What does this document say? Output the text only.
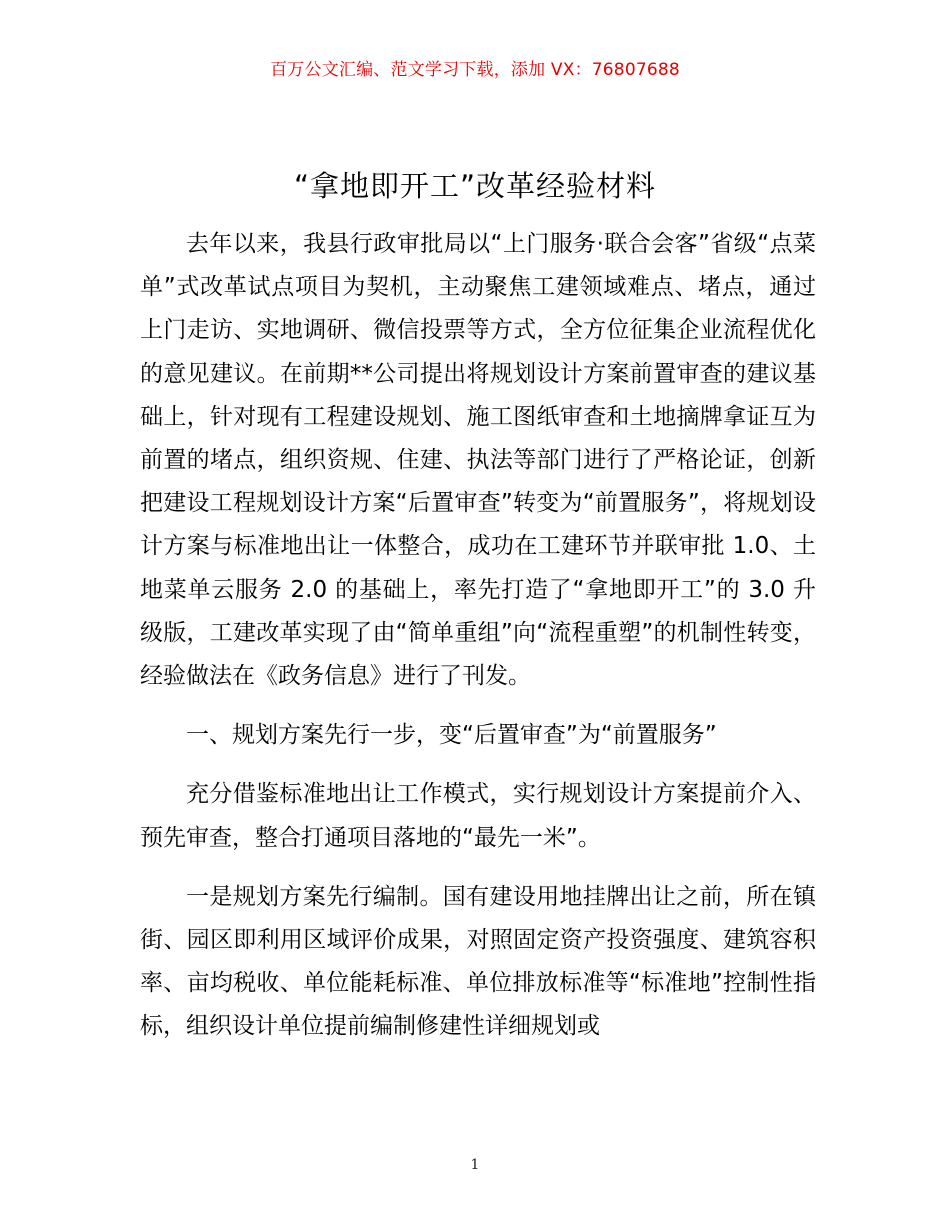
百万公文汇编、范文学习下载，添加 VX：76807688
“拿地即开工”改革经验材料

去年以来，我县行政审批局以“上门服务·联合会客”省级“点菜单”式改革试点项目为契机，主动聚焦工建领域难点、堵点，通过上门走访、实地调研、微信投票等方式，全方位征集企业流程优化的意见建议。在前期**公司提出将规划设计方案前置审查的建议基础上，针对现有工程建设规划、施工图纸审查和土地摘牌拿证互为前置的堵点，组织资规、住建、执法等部门进行了严格论证，创新把建设工程规划设计方案“后置审查”转变为“前置服务”，将规划设计方案与标准地出让一体整合，成功在工建环节并联审批 1.0、土地菜单云服务 2.0 的基础上，率先打造了“拿地即开工”的 3.0 升级版，工建改革实现了由“简单重组”向“流程重塑”的机制性转变，经验做法在《政务信息》进行了刊发。

一、规划方案先行一步，变“后置审查”为“前置服务”

充分借鉴标准地出让工作模式，实行规划设计方案提前介入、预先审查，整合打通项目落地的“最先一米”。

一是规划方案先行编制。国有建设用地挂牌出让之前，所在镇街、园区即利用区域评价成果，对照固定资产投资强度、建筑容积率、亩均税收、单位能耗标准、单位排放标准等“标准地”控制性指标，组织设计单位提前编制修建性详细规划或

1
